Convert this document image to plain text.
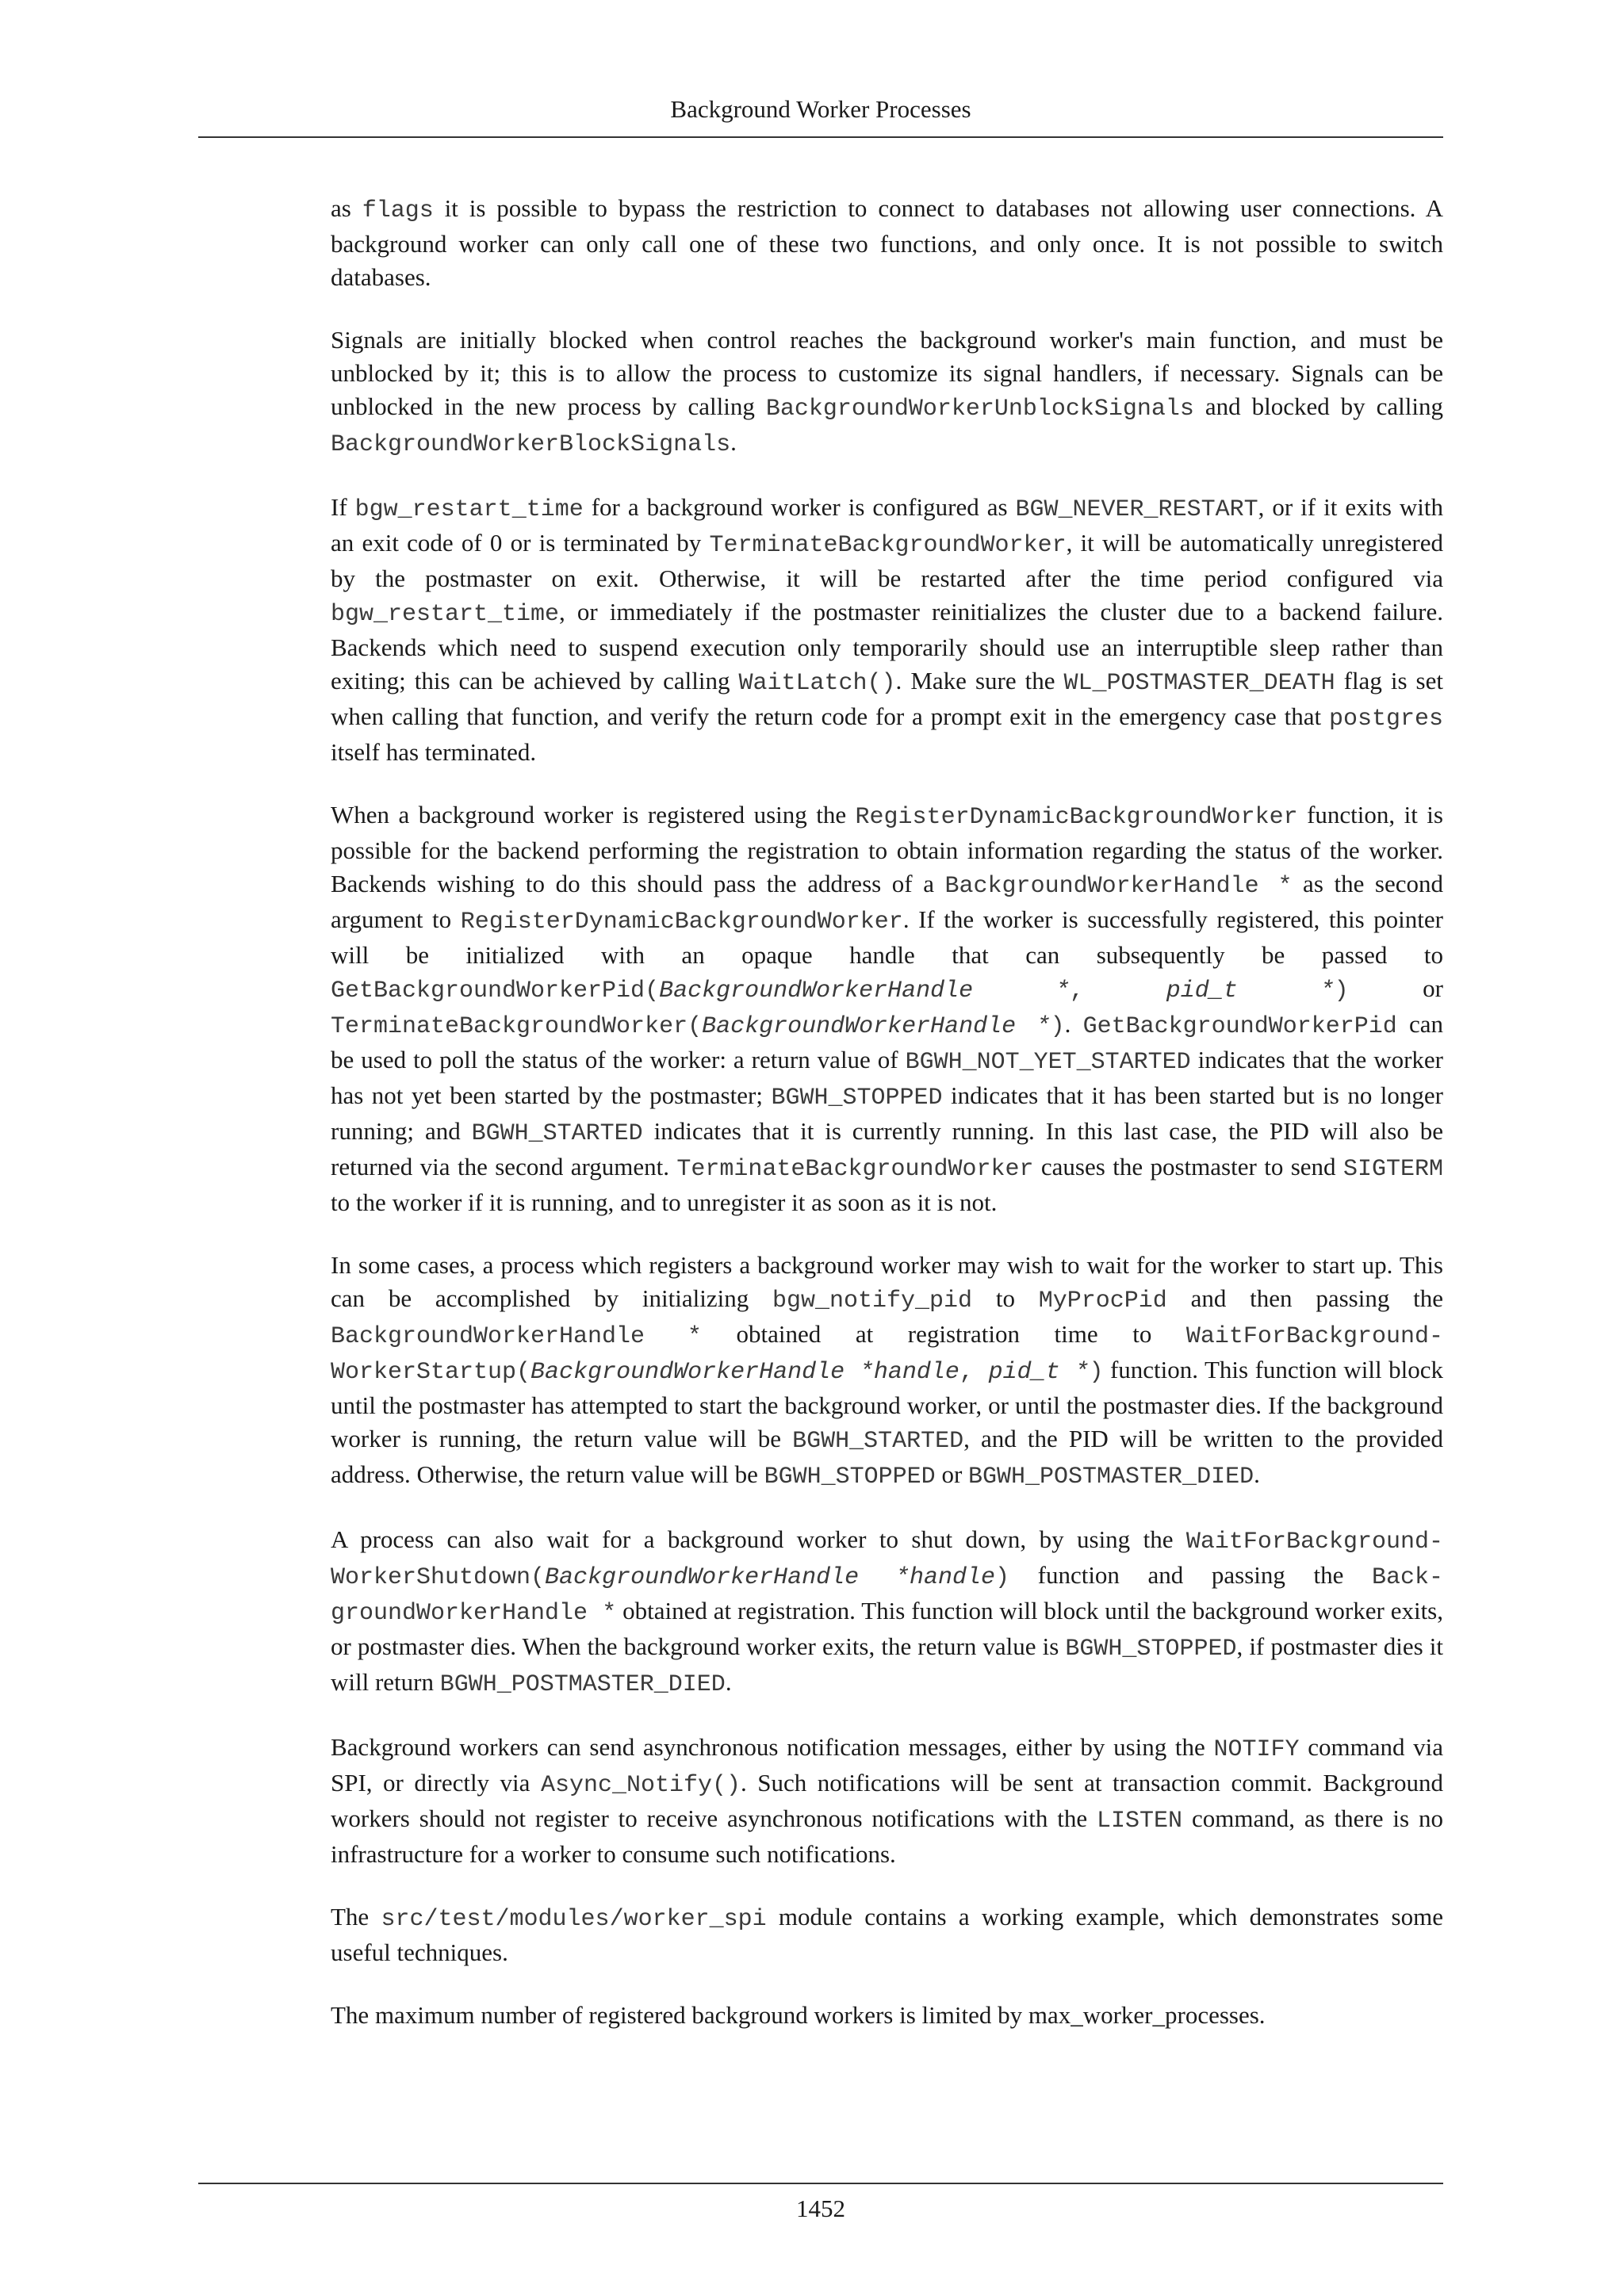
Background Worker Processes

as flags it is possible to bypass the restriction to connect to databases not allowing user connections. A background worker can only call one of these two functions, and only once. It is not possible to switch databases.

Signals are initially blocked when control reaches the background worker's main function, and must be unblocked by it; this is to allow the process to customize its signal handlers, if necessary. Signals can be unblocked in the new process by calling BackgroundWorkerUnblockSignals and blocked by calling BackgroundWorkerBlockSignals.

If bgw_restart_time for a background worker is configured as BGW_NEVER_RESTART, or if it exits with an exit code of 0 or is terminated by TerminateBackgroundWorker, it will be automatically unregistered by the postmaster on exit. Otherwise, it will be restarted after the time period configured via bgw_restart_time, or immediately if the postmaster reinitializes the cluster due to a backend failure. Backends which need to suspend execution only temporarily should use an interruptible sleep rather than exiting; this can be achieved by calling WaitLatch(). Make sure the WL_POSTMASTER_DEATH flag is set when calling that function, and verify the return code for a prompt exit in the emergency case that postgres itself has terminated.

When a background worker is registered using the RegisterDynamicBackgroundWorker function, it is possible for the backend performing the registration to obtain information regarding the status of the worker. Backends wishing to do this should pass the address of a BackgroundWorkerHandle * as the second argument to RegisterDynamicBackgroundWorker. If the worker is successfully registered, this pointer will be initialized with an opaque handle that can subsequently be passed to GetBackgroundWorkerPid(BackgroundWorkerHandle *, pid_t *) or TerminateBackgroundWorker(BackgroundWorkerHandle *). GetBackgroundWorkerPid can be used to poll the status of the worker: a return value of BGWH_NOT_YET_STARTED indicates that the worker has not yet been started by the postmaster; BGWH_STOPPED indicates that it has been started but is no longer running; and BGWH_STARTED indicates that it is currently running. In this last case, the PID will also be returned via the second argument. TerminateBackgroundWorker causes the postmaster to send SIGTERM to the worker if it is running, and to unregister it as soon as it is not.

In some cases, a process which registers a background worker may wish to wait for the worker to start up. This can be accomplished by initializing bgw_notify_pid to MyProcPid and then passing the BackgroundWorkerHandle * obtained at registration time to WaitForBackgroundWorkerStartup(BackgroundWorkerHandle *handle, pid_t *) function. This function will block until the postmaster has attempted to start the background worker, or until the postmaster dies. If the background worker is running, the return value will be BGWH_STARTED, and the PID will be written to the provided address. Otherwise, the return value will be BGWH_STOPPED or BGWH_POSTMASTER_DIED.

A process can also wait for a background worker to shut down, by using the WaitForBackgroundWorkerShutdown(BackgroundWorkerHandle *handle) function and passing the BackgroundWorkerHandle * obtained at registration. This function will block until the background worker exits, or postmaster dies. When the background worker exits, the return value is BGWH_STOPPED, if postmaster dies it will return BGWH_POSTMASTER_DIED.

Background workers can send asynchronous notification messages, either by using the NOTIFY command via SPI, or directly via Async_Notify(). Such notifications will be sent at transaction commit. Background workers should not register to receive asynchronous notifications with the LISTEN command, as there is no infrastructure for a worker to consume such notifications.

The src/test/modules/worker_spi module contains a working example, which demonstrates some useful techniques.

The maximum number of registered background workers is limited by max_worker_processes.

1452
